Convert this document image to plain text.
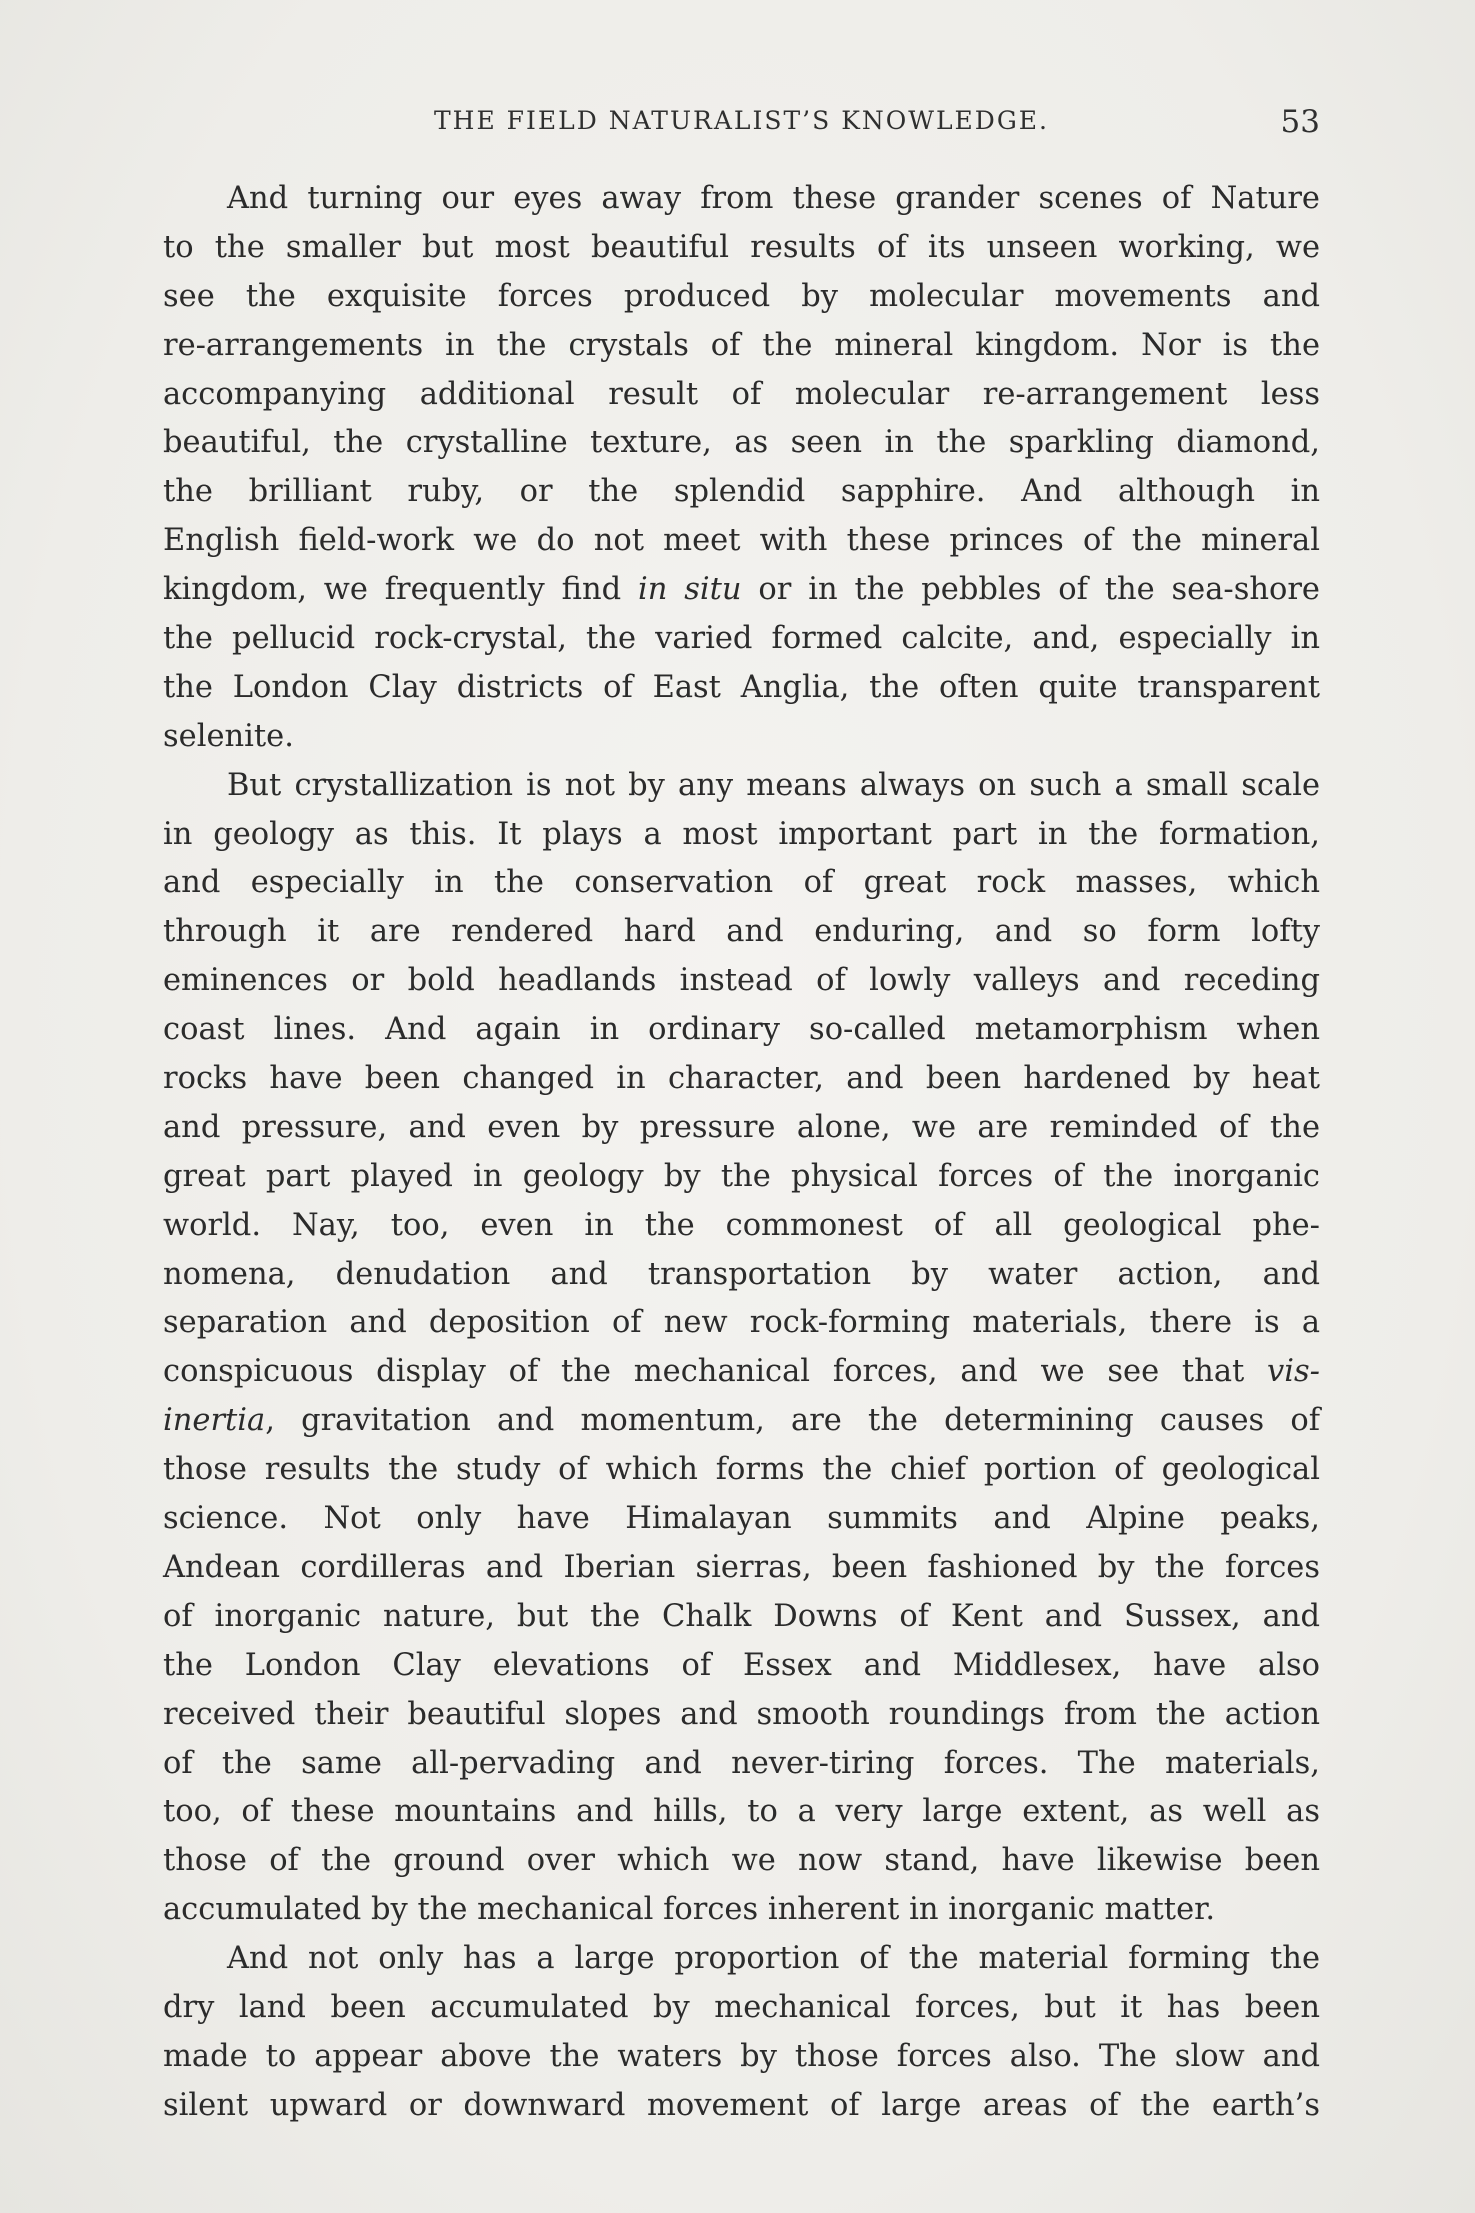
THE FIELD NATURALIST’S KNOWLEDGE.	53
And turning our eyes away from these grander scenes of Nature
to the smaller but most beautiful results of its unseen working, we
see the exquisite forces produced by molecular movements and
re-arrangements in the crystals of the mineral kingdom. Nor is the
accompanying additional result of molecular re-arrangement less
beautiful, the crystalline texture, as seen in the sparkling diamond,
the brilliant ruby, or the splendid sapphire. And although in
English field-work we do not meet with these princes of the mineral
kingdom, we frequently find in situ or in the pebbles of the sea-shore
the pellucid rock-crystal, the varied formed calcite, and, especially in
the London Clay districts of East Anglia, the often quite transparent
selenite.
But crystallization is not by any means always on such a small scale
in geology as this. It plays a most important part in the formation,
and especially in the conservation of great rock masses, which
through it are rendered hard and enduring, and so form lofty
eminences or bold headlands instead of lowly valleys and receding
coast lines. And again in ordinary so-called metamorphism when
rocks have been changed in character, and been hardened by heat
and pressure, and even by pressure alone, we are reminded of the
great part played in geology by the physical forces of the inorganic
world. Nay, too, even in the commonest of all geological phe-
nomena, denudation and transportation by water action, and
separation and deposition of new rock-forming materials, there is a
conspicuous display of the mechanical forces, and we see that vis-
inertia, gravitation and momentum, are the determining causes of
those results the study of which forms the chief portion of geological
science. Not only have Himalayan summits and Alpine peaks,
Andean cordilleras and Iberian sierras, been fashioned by the forces
of inorganic nature, but the Chalk Downs of Kent and Sussex, and
the London Clay elevations of Essex and Middlesex, have also
received their beautiful slopes and smooth roundings from the action
of the same all-pervading and never-tiring forces. The materials,
too, of these mountains and hills, to a very large extent, as well as
those of the ground over which we now stand, have likewise been
accumulated by the mechanical forces inherent in inorganic matter.
And not only has a large proportion of the material forming the
dry land been accumulated by mechanical forces, but it has been
made to appear above the waters by those forces also. The slow and
silent upward or downward movement of large areas of the earth’s
